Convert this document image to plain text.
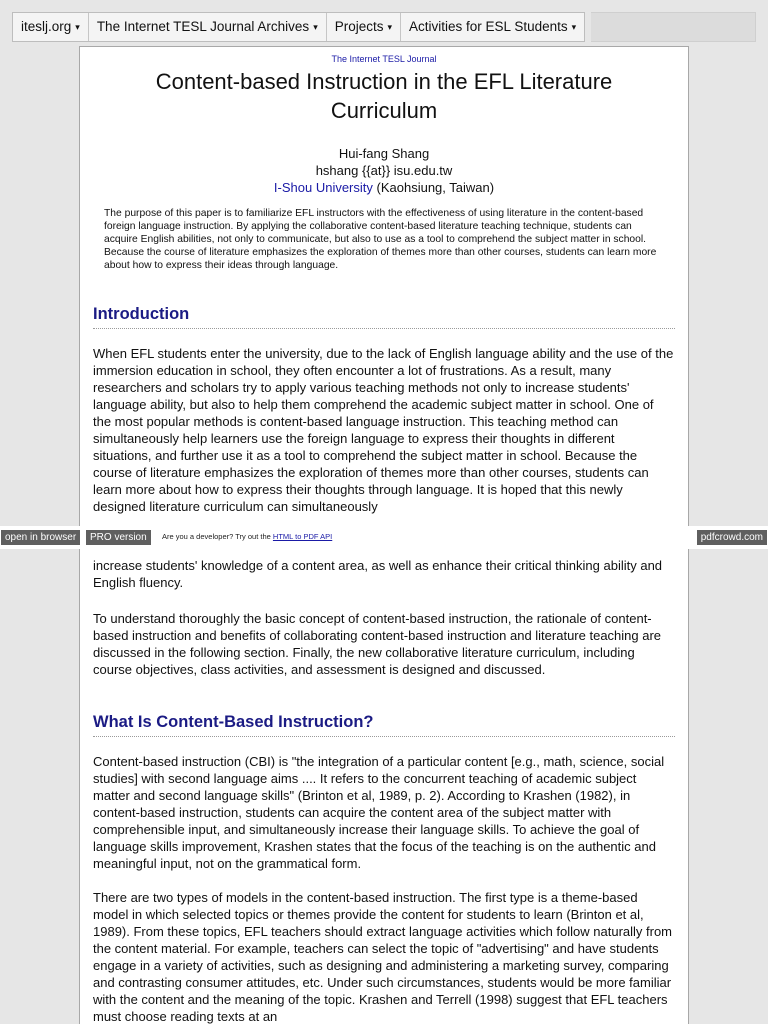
iteslj.org ▾	The Internet TESL Journal Archives ▾	Projects ▾	Activities for ESL Students ▾
The Internet TESL Journal
Content-based Instruction in the EFL Literature Curriculum
Hui-fang Shang
hshang {{at}} isu.edu.tw
I-Shou University (Kaohsiung, Taiwan)
The purpose of this paper is to familiarize EFL instructors with the effectiveness of using literature in the content-based foreign language instruction. By applying the collaborative content-based literature teaching technique, students can acquire English abilities, not only to communicate, but also to use as a tool to comprehend the subject matter in school. Because the course of literature emphasizes the exploration of themes more than other courses, students can learn more about how to express their ideas through language.
Introduction

When EFL students enter the university, due to the lack of English language ability and the use of the immersion education in school, they often encounter a lot of frustrations. As a result, many researchers and scholars try to apply various teaching methods not only to increase students' language ability, but also to help them comprehend the academic subject matter in school. One of the most popular methods is content-based language instruction. This teaching method can simultaneously help learners use the foreign language to express their thoughts in different situations, and further use it as a tool to comprehend the subject matter in school. Because the course of literature emphasizes the exploration of themes more than other courses, students can learn more about how to express their thoughts through language. It is hoped that this newly designed literature curriculum can simultaneously

open in browser	PRO version	Are you a developer? Try out the HTML to PDF API	pdfcrowd.com

increase students' knowledge of a content area, as well as enhance their critical thinking ability and English fluency.

To understand thoroughly the basic concept of content-based instruction, the rationale of content-based instruction and benefits of collaborating content-based instruction and literature teaching are discussed in the following section. Finally, the new collaborative literature curriculum, including course objectives, class activities, and assessment is designed and discussed.

What Is Content-Based Instruction?

Content-based instruction (CBI) is "the integration of a particular content [e.g., math, science, social studies] with second language aims .... It refers to the concurrent teaching of academic subject matter and second language skills" (Brinton et al, 1989, p. 2). According to Krashen (1982), in content-based instruction, students can acquire the content area of the subject matter with comprehensible input, and simultaneously increase their language skills. To achieve the goal of language skills improvement, Krashen states that the focus of the teaching is on the authentic and meaningful input, not on the grammatical form.

There are two types of models in the content-based instruction. The first type is a theme-based model in which selected topics or themes provide the content for students to learn (Brinton et al, 1989). From these topics, EFL teachers should extract language activities which follow naturally from the content material. For example, teachers can select the topic of "advertising" and have students engage in a variety of activities, such as designing and administering a marketing survey, comparing and contrasting consumer attitudes, etc. Under such circumstances, students would be more familiar with the content and the meaning of the topic. Krashen and Terrell (1998) suggest that EFL teachers must choose reading texts at an
